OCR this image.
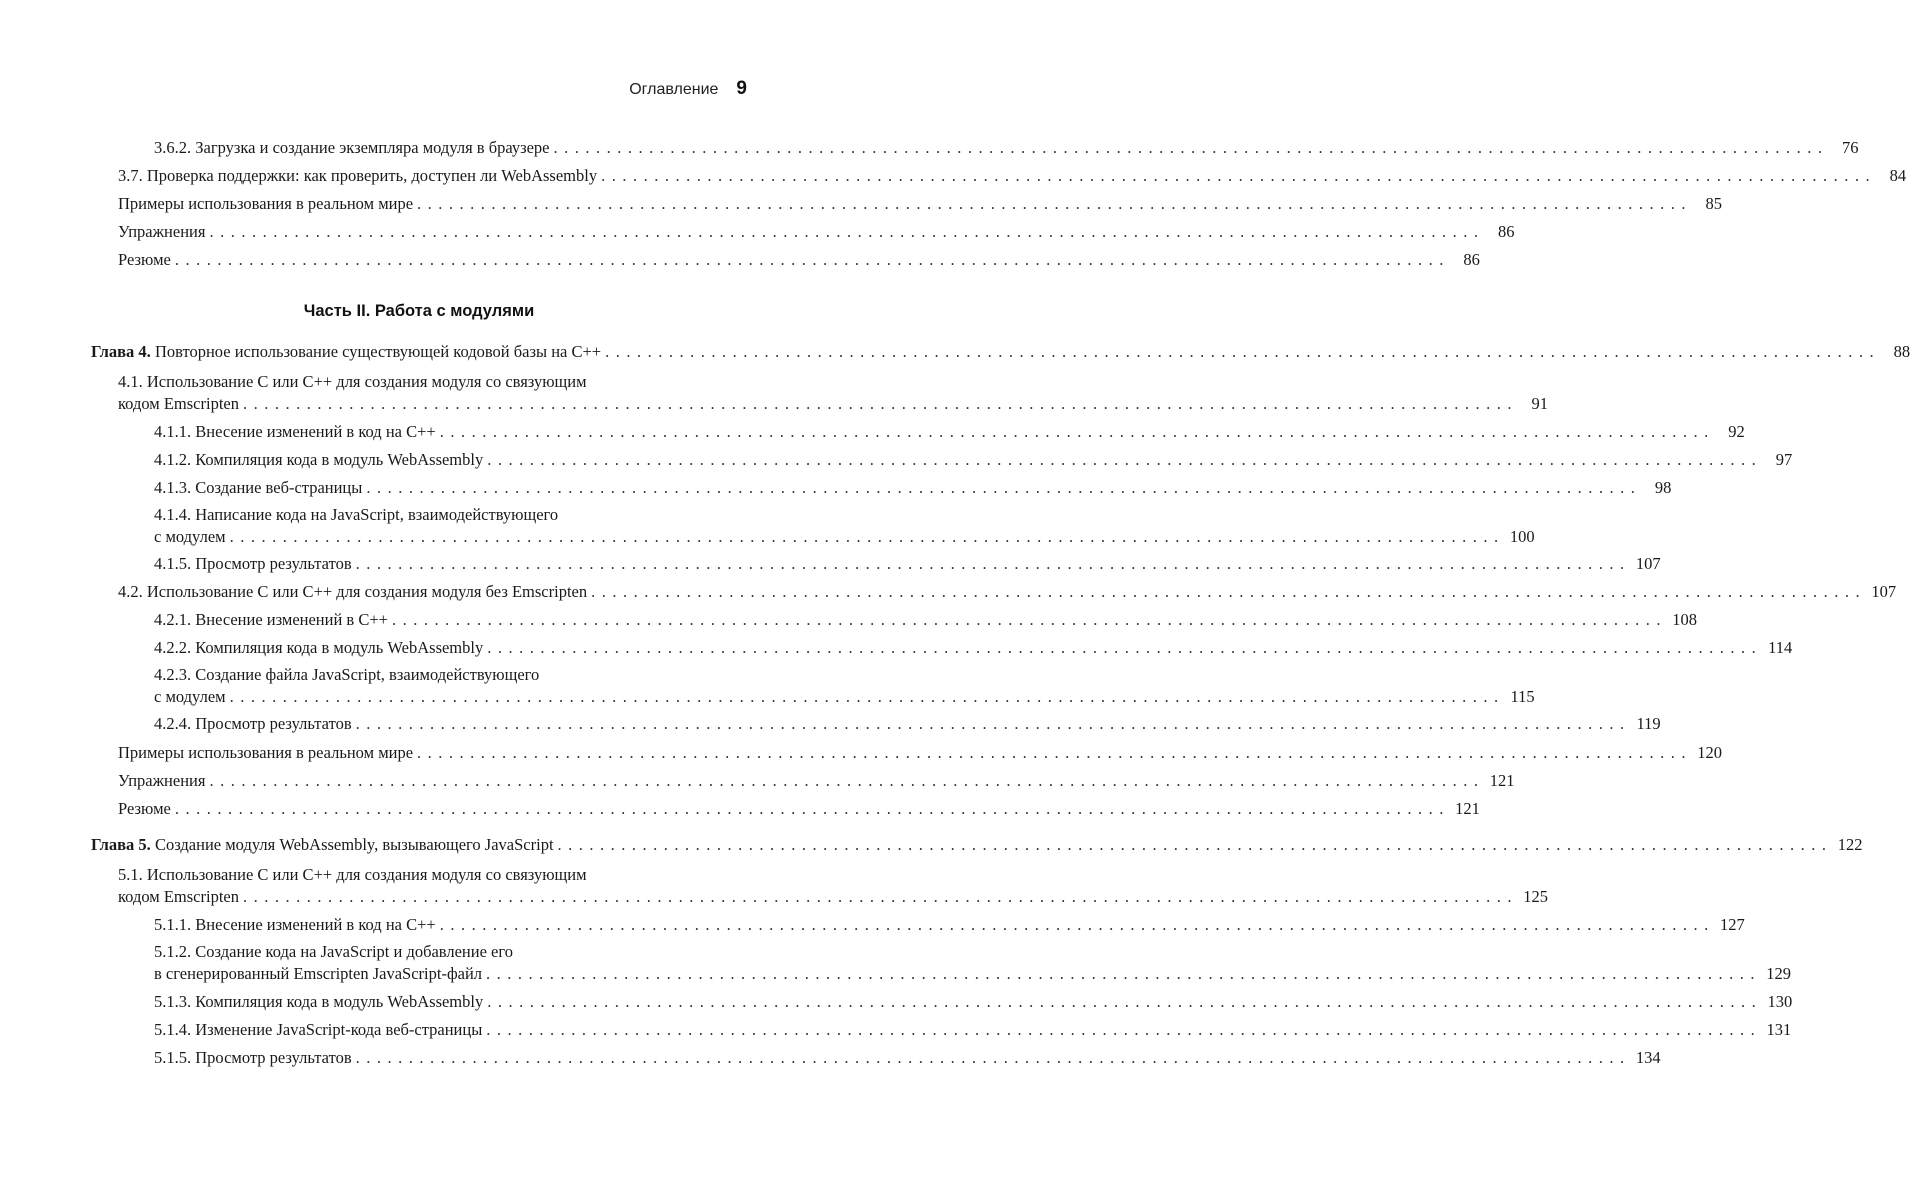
Оглавление 9
3.6.2. Загрузка и создание экземпляра модуля в браузере ........................................................................................................................ 76
3.7. Проверка поддержки: как проверить, доступен ли WebAssembly ........................................................................................................................ 84
Примеры использования в реальном мире ........................................................................................................................ 85
Упражнения ........................................................................................................................ 86
Резюме ........................................................................................................................ 86
Часть II. Работа с модулями
Глава 4. Повторное использование существующей кодовой базы на C++ ........................................................................................................................ 88
4.1. Использование C или C++ для создания модуля со связующим
кодом Emscripten ........................................................................................................................ 91
4.1.1. Внесение изменений в код на C++ ........................................................................................................................ 92
4.1.2. Компиляция кода в модуль WebAssembly ........................................................................................................................ 97
4.1.3. Создание веб-страницы ........................................................................................................................ 98
4.1.4. Написание кода на JavaScript, взаимодействующего
с модулем ........................................................................................................................ 100
4.1.5. Просмотр результатов ........................................................................................................................ 107
4.2. Использование C или C++ для создания модуля без Emscripten ........................................................................................................................ 107
4.2.1. Внесение изменений в C++ ........................................................................................................................ 108
4.2.2. Компиляция кода в модуль WebAssembly ........................................................................................................................ 114
4.2.3. Создание файла JavaScript, взаимодействующего
с модулем ........................................................................................................................ 115
4.2.4. Просмотр результатов ........................................................................................................................ 119
Примеры использования в реальном мире ........................................................................................................................ 120
Упражнения ........................................................................................................................ 121
Резюме ........................................................................................................................ 121
Глава 5. Создание модуля WebAssembly, вызывающего JavaScript ........................................................................................................................ 122
5.1. Использование C или C++ для создания модуля со связующим
кодом Emscripten ........................................................................................................................ 125
5.1.1. Внесение изменений в код на C++ ........................................................................................................................ 127
5.1.2. Создание кода на JavaScript и добавление его
в сгенерированный Emscripten JavaScript-файл ........................................................................................................................ 129
5.1.3. Компиляция кода в модуль WebAssembly ........................................................................................................................ 130
5.1.4. Изменение JavaScript-кода веб-страницы ........................................................................................................................ 131
5.1.5. Просмотр результатов ........................................................................................................................ 134
